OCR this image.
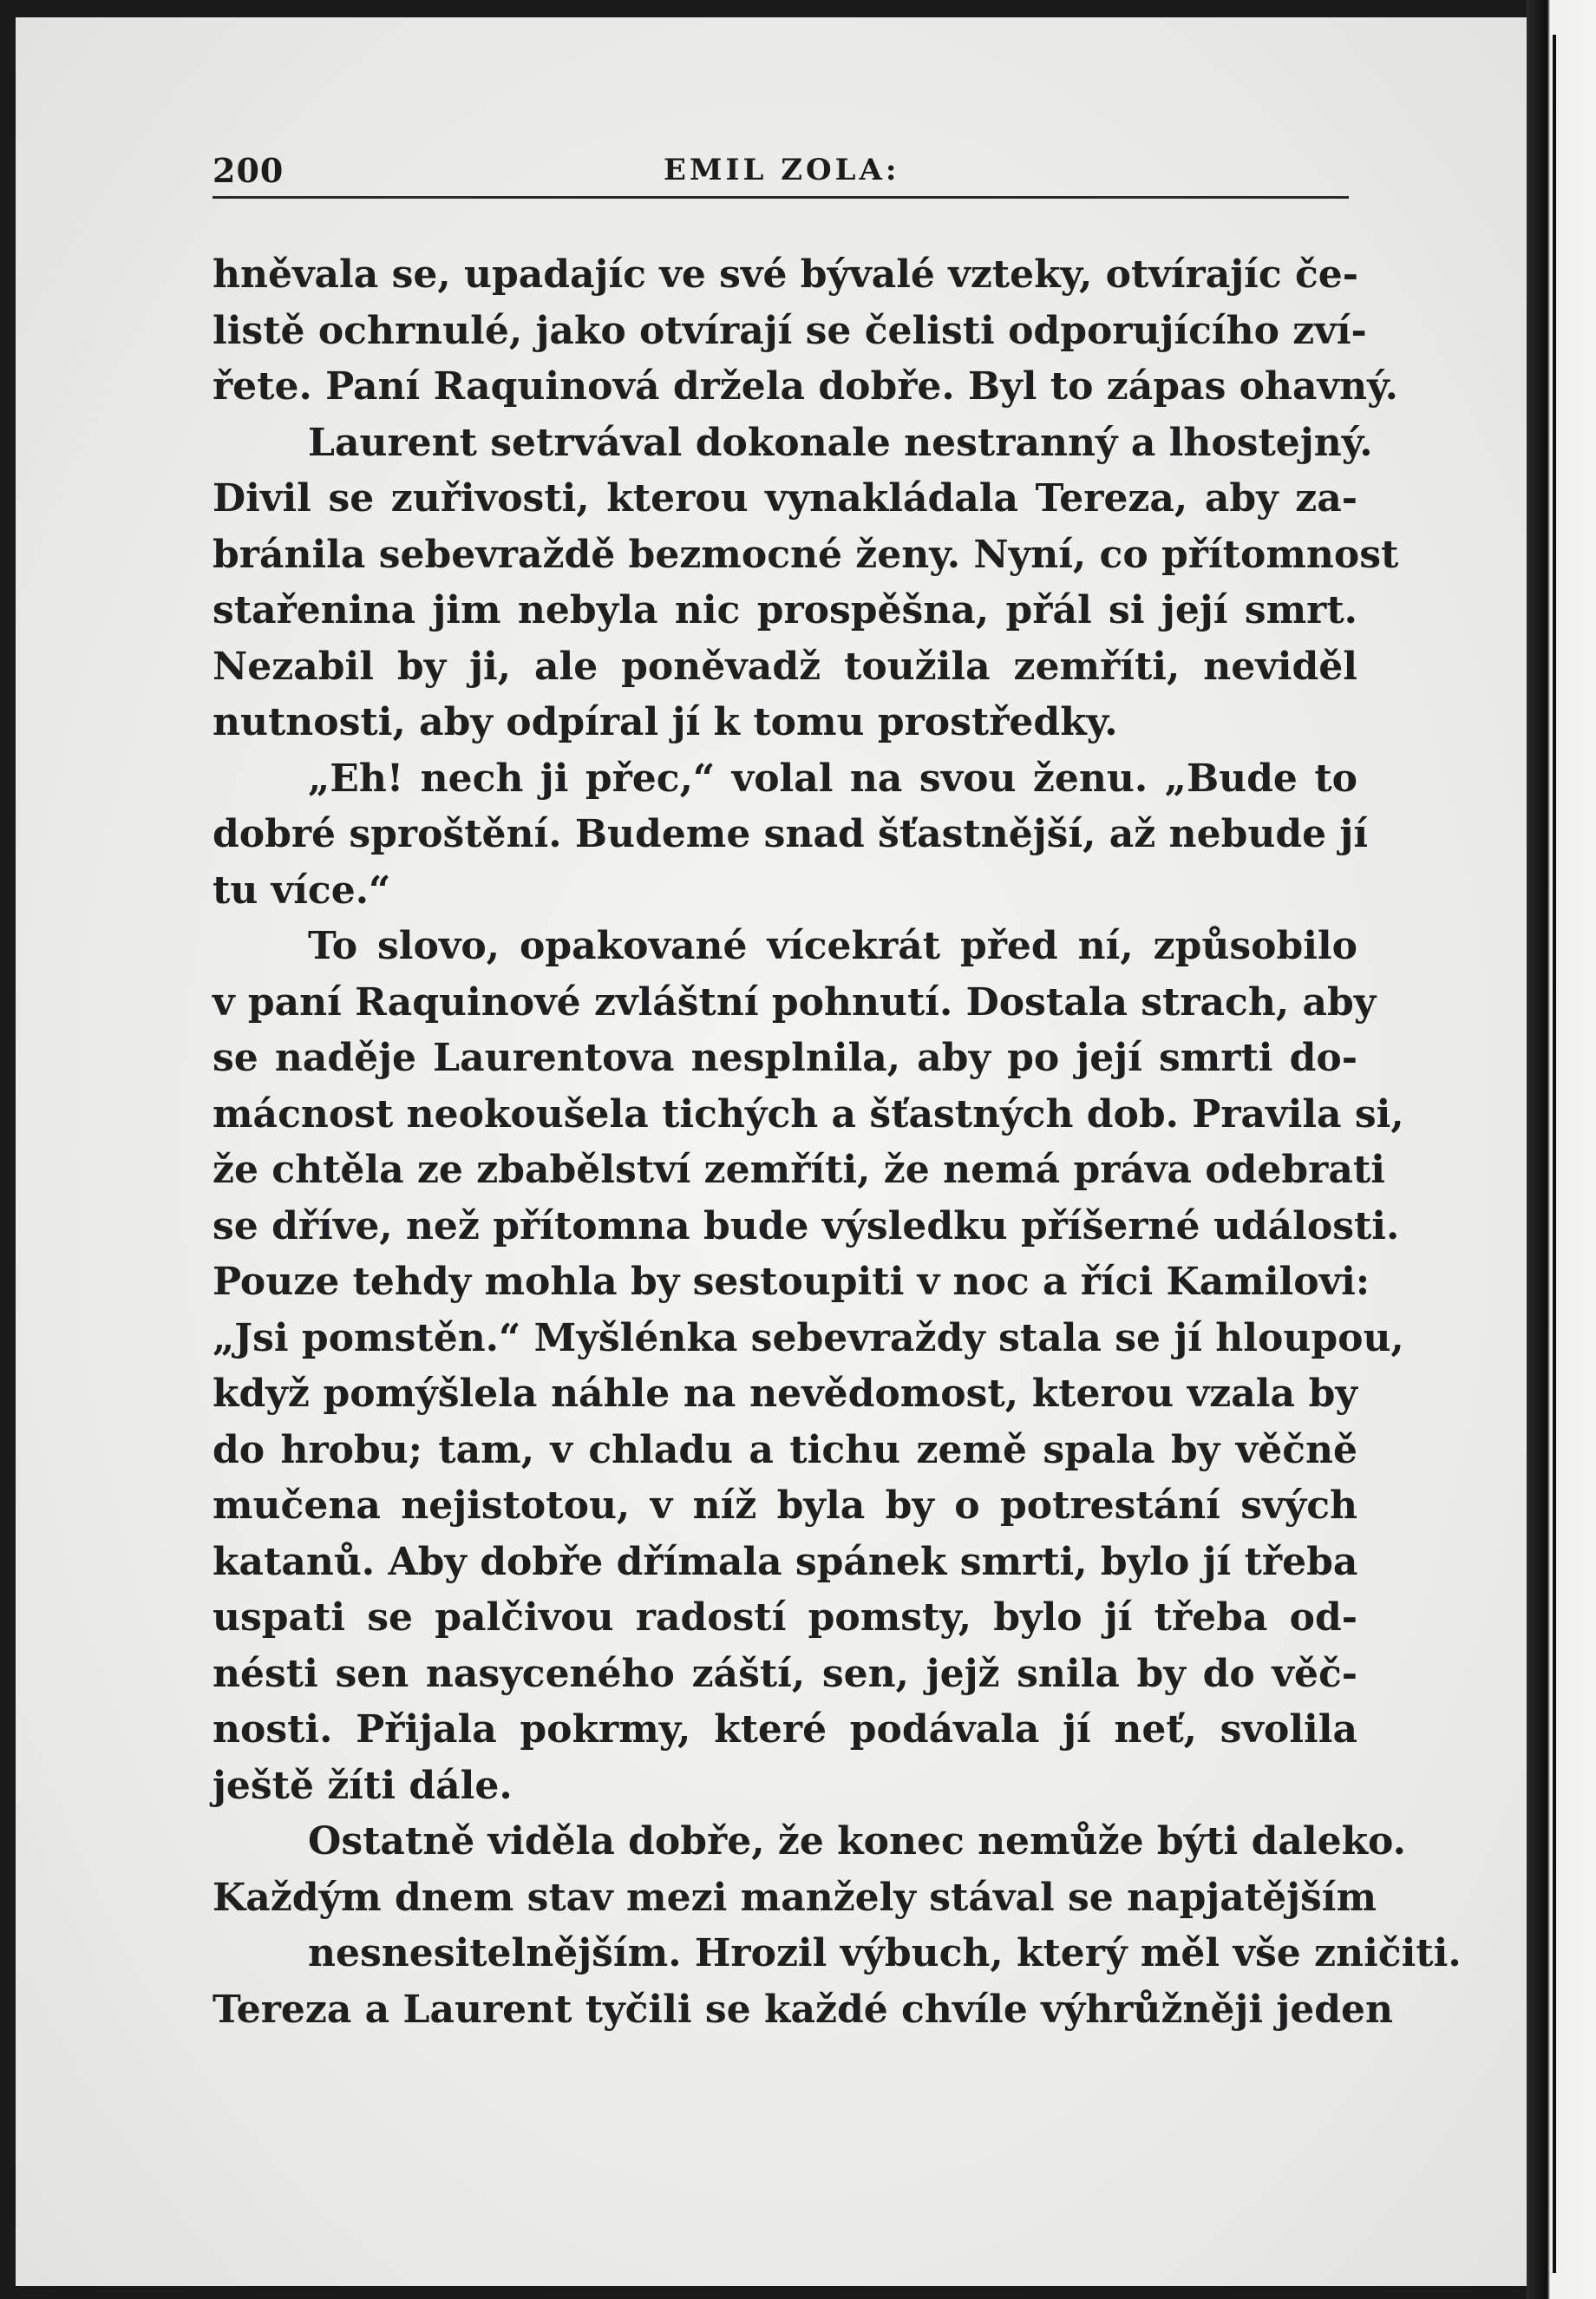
200	EMIL ZOLA:
hněvala se, upadajíc ve své bývalé vzteky, otvírajíc če-
listě ochrnulé, jako otvírají se čelisti odporujícího zví-
řete. Paní Raquinová držela dobře. Byl to zápas ohavný.
Laurent setrvával dokonale nestranný a lhostejný.
Divil se zuřivosti, kterou vynakládala Tereza, aby za-
bránila sebevraždě bezmocné ženy. Nyní, co přítomnost
stařenina jim nebyla nic prospěšna, přál si její smrt.
Nezabil by ji, ale poněvadž toužila zemříti, neviděl
nutnosti, aby odpíral jí k tomu prostředky.
„Eh! nech ji přec,“ volal na svou ženu. „Bude to
dobré sproštění. Budeme snad šťastnější, až nebude jí
tu více.“
To slovo, opakované vícekrát před ní, způsobilo
v paní Raquinové zvláštní pohnutí. Dostala strach, aby
se naděje Laurentova nesplnila, aby po její smrti do-
mácnost neokoušela tichých a šťastných dob. Pravila si,
že chtěla ze zbabělství zemříti, že nemá práva odebrati
se dříve, než přítomna bude výsledku příšerné události.
Pouze tehdy mohla by sestoupiti v noc a říci Kamilovi:
„Jsi pomstěn.“ Myšlénka sebevraždy stala se jí hloupou,
když pomýšlela náhle na nevědomost, kterou vzala by
do hrobu; tam, v chladu a tichu země spala by věčně
mučena nejistotou, v níž byla by o potrestání svých
katanů. Aby dobře dřímala spánek smrti, bylo jí třeba
uspati se palčivou radostí pomsty, bylo jí třeba od-
nésti sen nasyceného záští, sen, jejž snila by do věč-
nosti. Přijala pokrmy, které podávala jí neť, svolila
ještě žíti dále.
Ostatně viděla dobře, že konec nemůže býti daleko.
Každým dnem stav mezi manžely stával se napjatějším
nesnesitelnějším. Hrozil výbuch, který měl vše zničiti.
Tereza a Laurent tyčili se každé chvíle výhrůžněji jeden
